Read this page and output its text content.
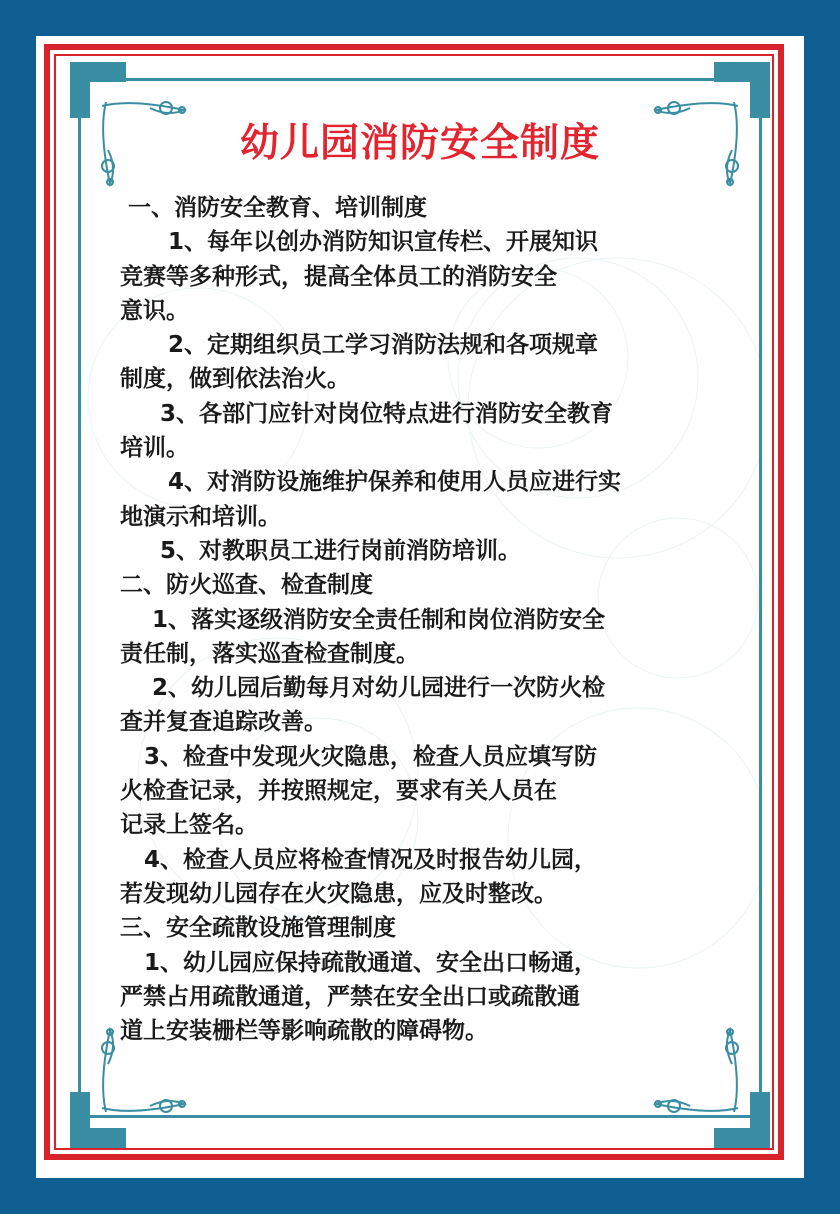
幼儿园消防安全制度
一、消防安全教育、培训制度
1、每年以创办消防知识宣传栏、开展知识
竞赛等多种形式，提高全体员工的消防安全
意识。
2、定期组织员工学习消防法规和各项规章
制度，做到依法治火。
3、各部门应针对岗位特点进行消防安全教育
培训。
4、对消防设施维护保养和使用人员应进行实
地演示和培训。
5、对教职员工进行岗前消防培训。
二、防火巡查、检查制度
1、落实逐级消防安全责任制和岗位消防安全
责任制，落实巡查检查制度。
2、幼儿园后勤每月对幼儿园进行一次防火检
查并复查追踪改善。
3、检查中发现火灾隐患，检查人员应填写防
火检查记录，并按照规定，要求有关人员在
记录上签名。
4、检查人员应将检查情况及时报告幼儿园，
若发现幼儿园存在火灾隐患，应及时整改。
三、安全疏散设施管理制度
1、幼儿园应保持疏散通道、安全出口畅通，
严禁占用疏散通道，严禁在安全出口或疏散通
道上安装栅栏等影响疏散的障碍物。
